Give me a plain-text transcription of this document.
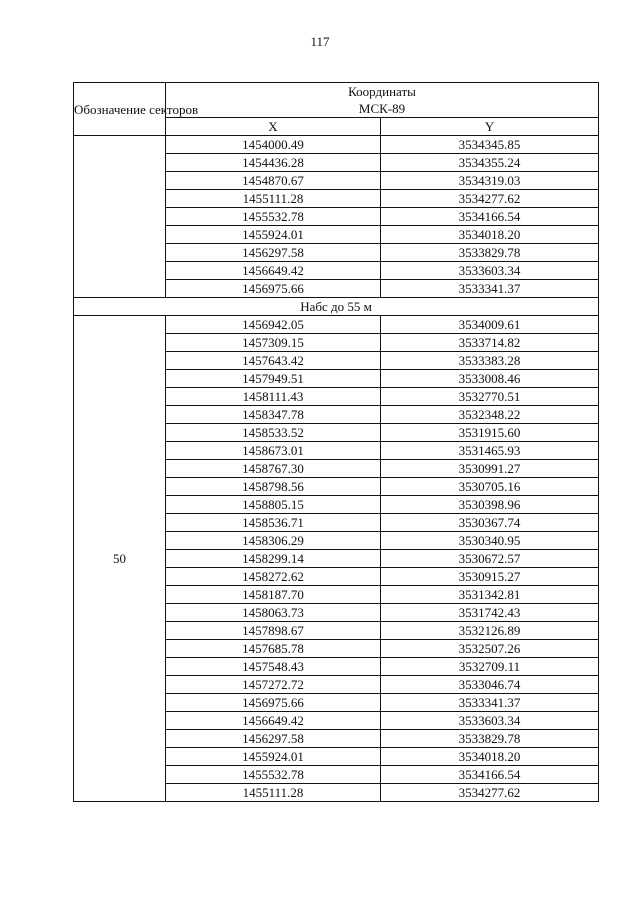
117
Обозначение секторов	Координаты
МСК-89	

	X	Y
	1454000.49	3534345.85
	1454436.28	3534355.24
	1454870.67	3534319.03
	1455111.28	3534277.62
	1455532.78	3534166.54
	1455924.01	3534018.20
	1456297.58	3533829.78
	1456649.42	3533603.34
	1456975.66	3533341.37
Набс до 55 м		
50	1456942.05	3534009.61
	1457309.15	3533714.82
	1457643.42	3533383.28
	1457949.51	3533008.46
	1458111.43	3532770.51
	1458347.78	3532348.22
	1458533.52	3531915.60
	1458673.01	3531465.93
	1458767.30	3530991.27
	1458798.56	3530705.16
	1458805.15	3530398.96
	1458536.71	3530367.74
	1458306.29	3530340.95
	1458299.14	3530672.57
	1458272.62	3530915.27
	1458187.70	3531342.81
	1458063.73	3531742.43
	1457898.67	3532126.89
	1457685.78	3532507.26
	1457548.43	3532709.11
	1457272.72	3533046.74
	1456975.66	3533341.37
	1456649.42	3533603.34
	1456297.58	3533829.78
	1455924.01	3534018.20
	1455532.78	3534166.54
	1455111.28	3534277.62
